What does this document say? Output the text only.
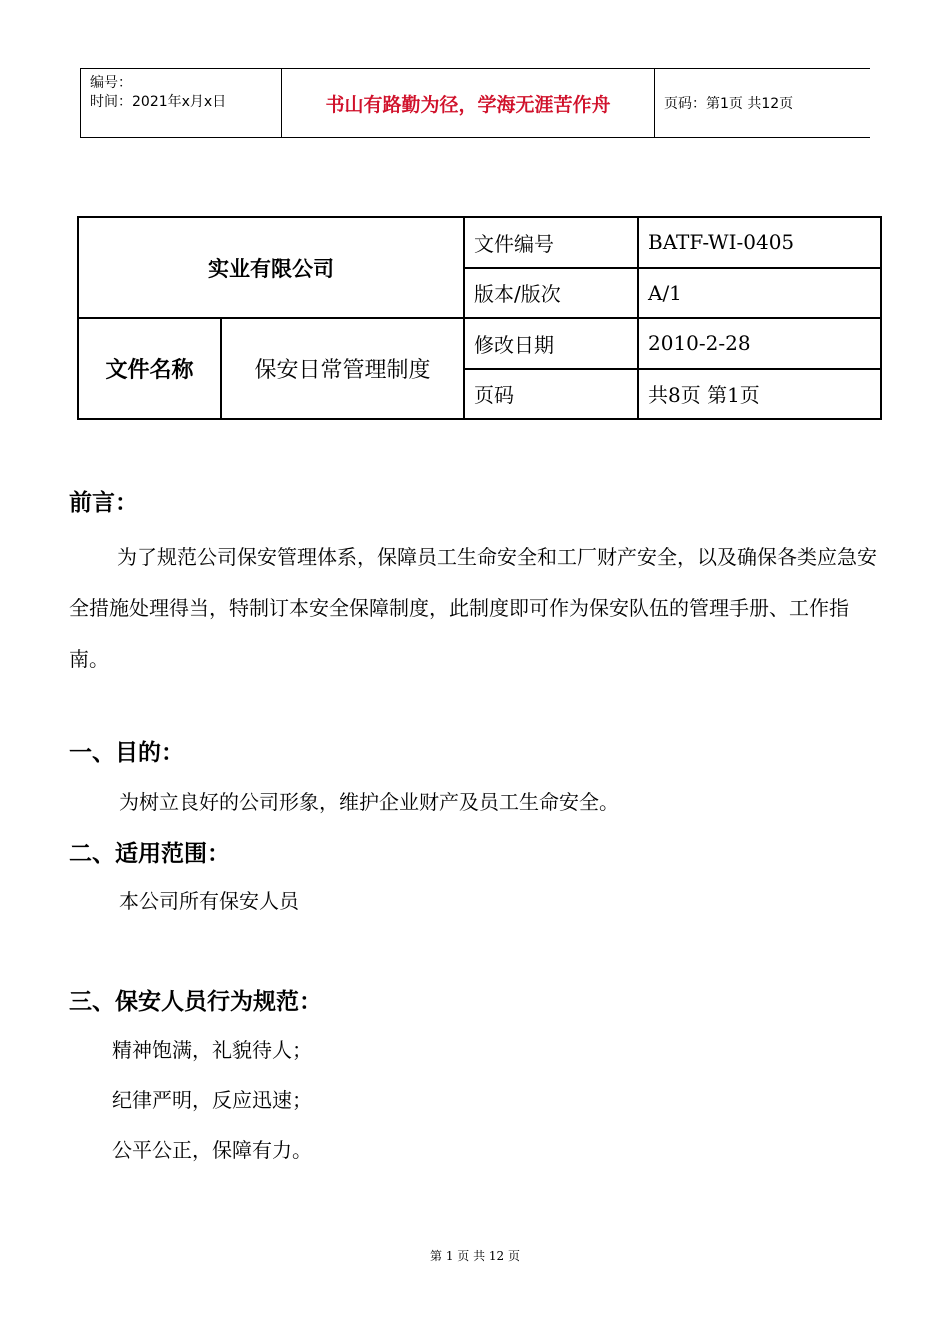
编号：
时间：2021年x月x日	书山有路勤为径，学海无涯苦作舟	页码：第1页 共12页
实业有限公司		文件编号	BATF-WI-0405
		版本/版次	A/1
文件名称	保安日常管理制度	修改日期	2010-2-28
		页码	共8页 第1页
前言：
为了规范公司保安管理体系，保障员工生命安全和工厂财产安全，以及确保各类应急安全措施处理得当，特制订本安全保障制度，此制度即可作为保安队伍的管理手册、工作指南。
一、目的：
为树立良好的公司形象，维护企业财产及员工生命安全。
二、适用范围：
本公司所有保安人员
三、保安人员行为规范：
精神饱满，礼貌待人；
纪律严明，反应迅速；
公平公正，保障有力。
第 1 页 共 12 页
